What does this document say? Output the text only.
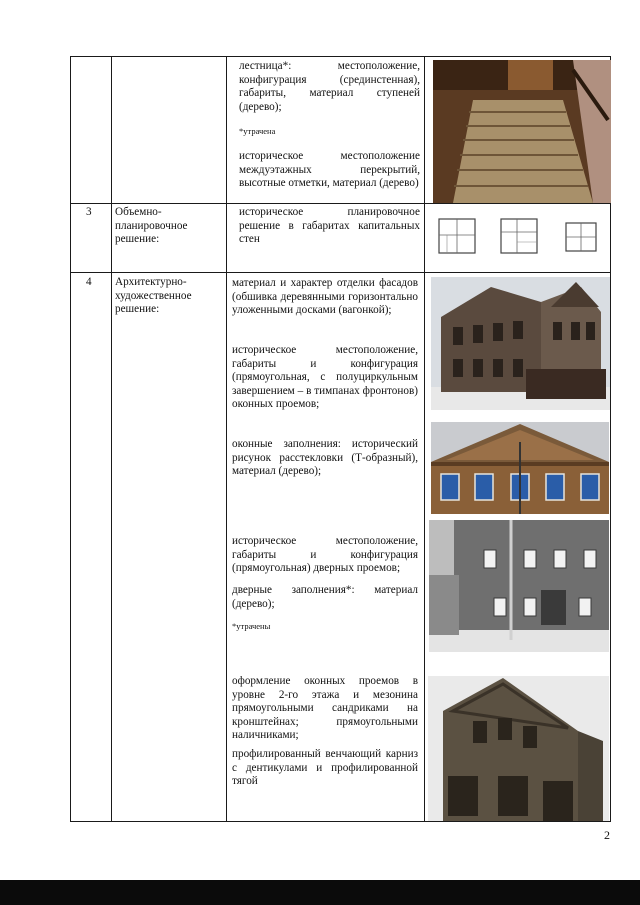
лестница*: местоположение, конфигурация (срединстенная), габариты, материал ступеней (дерево);
*утрачена
историческое местоположение междуэтажных перекрытий, высотные отметки, материал (дерево)
3 Объемно-планировочное решение:
историческое планировочное решение в габаритах капитальных стен
4 Архитектурно-художественное решение:
материал и характер отделки фасадов (обшивка деревянными горизонтально уложенными досками (вагонкой);
историческое местоположение, габариты и конфигурация (прямоугольная, с полуциркульным завершением – в тимпанах фронтонов) оконных проемов;
оконные заполнения: исторический рисунок расстекловки (Т-образный), материал (дерево);
историческое местоположение, габариты и конфигурация (прямоугольная) дверных проемов;
дверные заполнения*: материал (дерево);
*утрачены
оформление оконных проемов в уровне 2-го этажа и мезонина прямоугольными сандриками на кронштейнах; прямоугольными наличниками;
профилированный венчающий карниз с дентикулами и профилированной тягой
2
